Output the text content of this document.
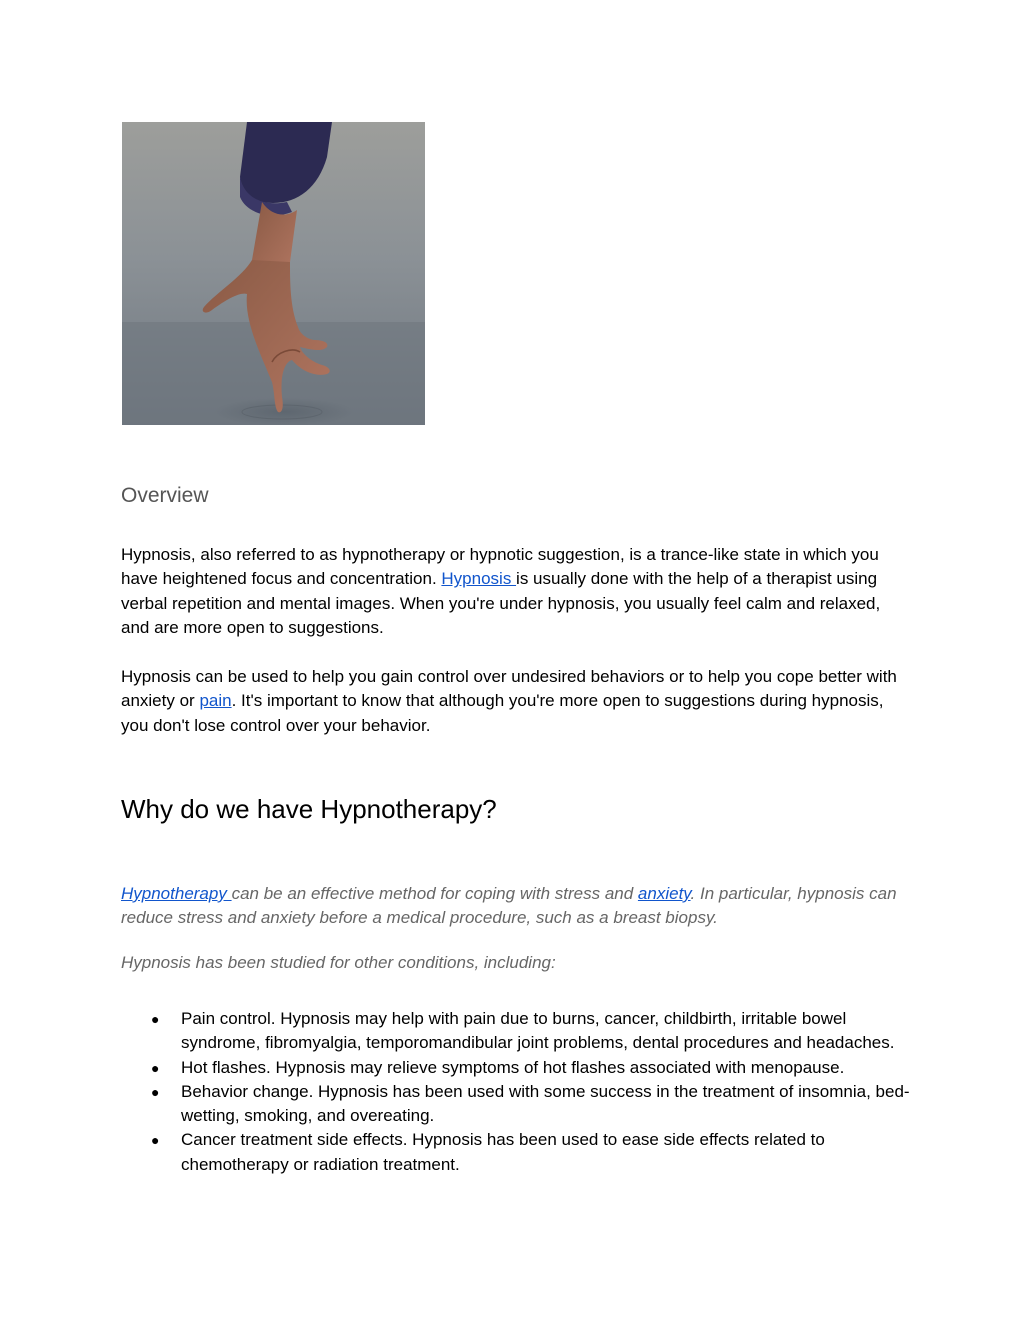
Overview

Hypnosis, also referred to as hypnotherapy or hypnotic suggestion, is a trance-like state in which you have heightened focus and concentration. Hypnosis is usually done with the help of a therapist using verbal repetition and mental images. When you're under hypnosis, you usually feel calm and relaxed, and are more open to suggestions.

Hypnosis can be used to help you gain control over undesired behaviors or to help you cope better with anxiety or pain. It's important to know that although you're more open to suggestions during hypnosis, you don't lose control over your behavior.

Why do we have Hypnotherapy?

Hypnotherapy can be an effective method for coping with stress and anxiety. In particular, hypnosis can reduce stress and anxiety before a medical procedure, such as a breast biopsy.

Hypnosis has been studied for other conditions, including:

● Pain control. Hypnosis may help with pain due to burns, cancer, childbirth, irritable bowel syndrome, fibromyalgia, temporomandibular joint problems, dental procedures and headaches.
● Hot flashes. Hypnosis may relieve symptoms of hot flashes associated with menopause.
● Behavior change. Hypnosis has been used with some success in the treatment of insomnia, bed-wetting, smoking, and overeating.
● Cancer treatment side effects. Hypnosis has been used to ease side effects related to chemotherapy or radiation treatment.
